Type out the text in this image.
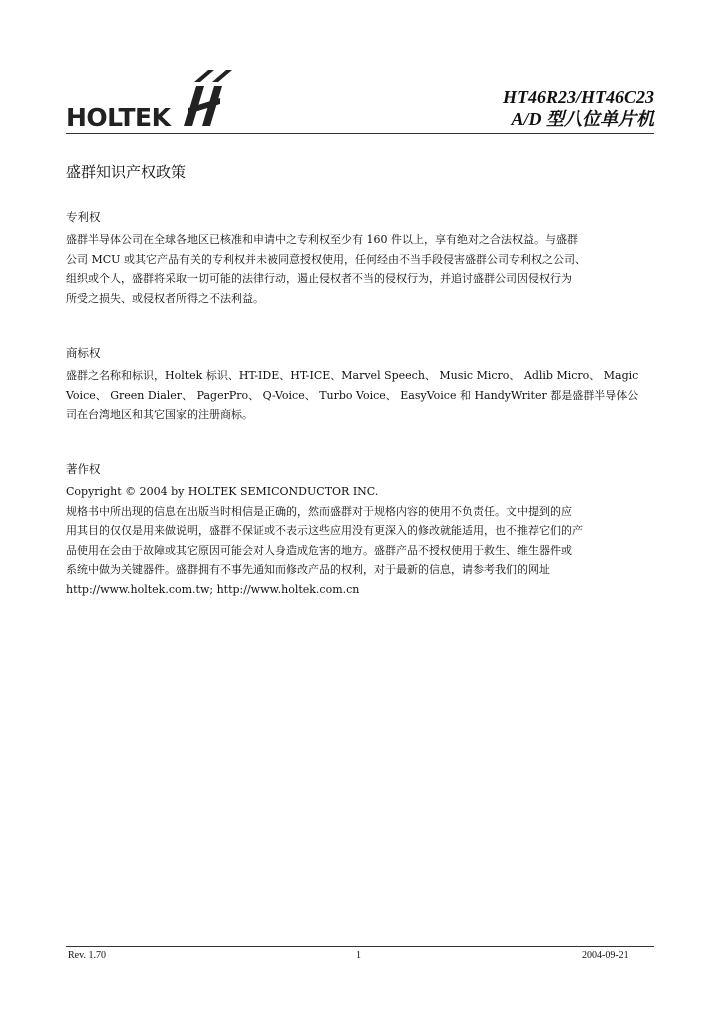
HOLTEK
HT46R23/HT46C23
A/D 型八位单片机
盛群知识产权政策
专利权

盛群半导体公司在全球各地区已核准和申请中之专利权至少有 160 件以上，享有绝对之合法权益。与盛群
公司 MCU 或其它产品有关的专利权并未被同意授权使用，任何经由不当手段侵害盛群公司专利权之公司、
组织或个人，盛群将采取一切可能的法律行动，遏止侵权者不当的侵权行为，并追讨盛群公司因侵权行为
所受之损失、或侵权者所得之不法利益。

商标权

盛群之名称和标识，Holtek 标识、HT-IDE、HT-ICE、Marvel Speech、 Music Micro、 Adlib Micro、 Magic
Voice、 Green Dialer、 PagerPro、 Q-Voice、 Turbo Voice、 EasyVoice 和 HandyWriter 都是盛群半导体公
司在台湾地区和其它国家的注册商标。

著作权

Copyright © 2004 by HOLTEK SEMICONDUCTOR INC.
规格书中所出现的信息在出版当时相信是正确的，然而盛群对于规格内容的使用不负责任。文中提到的应
用其目的仅仅是用来做说明，盛群不保证或不表示这些应用没有更深入的修改就能适用，也不推荐它们的产
品使用在会由于故障或其它原因可能会对人身造成危害的地方。盛群产品不授权使用于救生、维生器件或
系统中做为关键器件。盛群拥有不事先通知而修改产品的权利，对于最新的信息，请参考我们的网址
http://www.holtek.com.tw; http://www.holtek.com.cn

Rev. 1.70	1	2004-09-21
